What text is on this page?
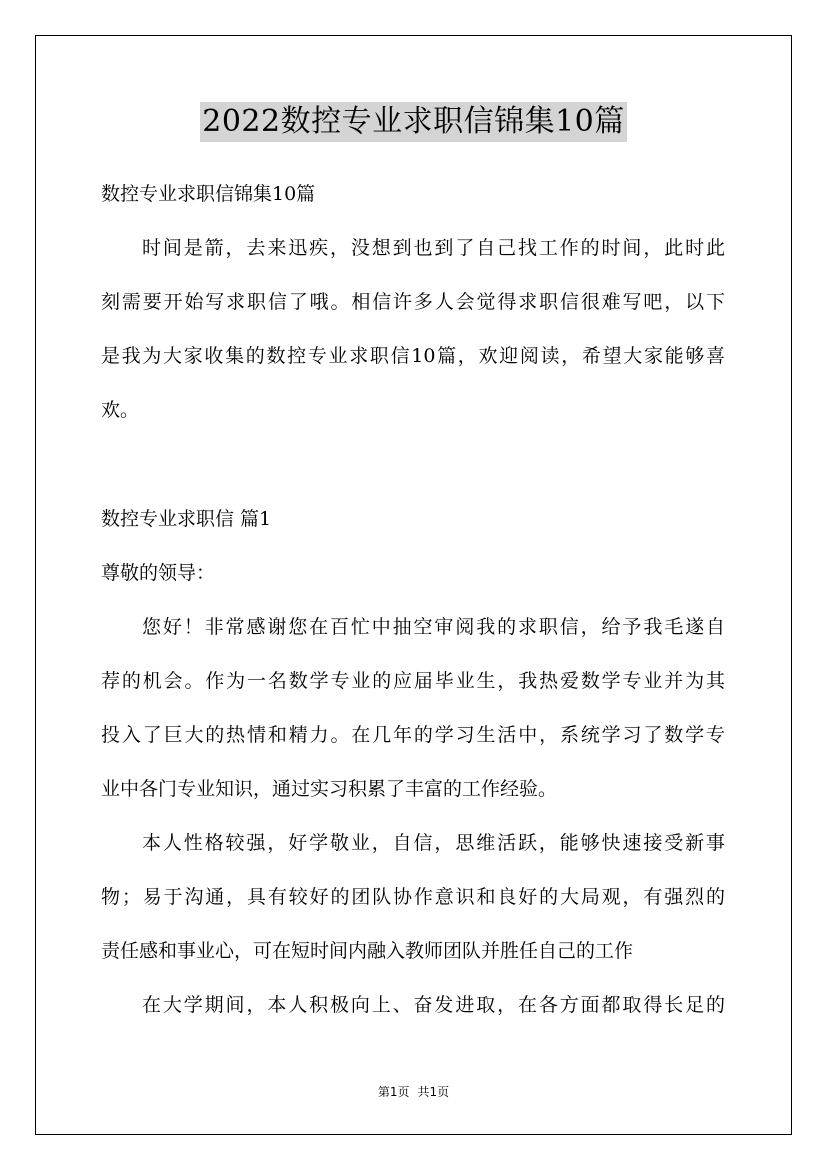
2022数控专业求职信锦集10篇
数控专业求职信锦集10篇
时间是箭，去来迅疾，没想到也到了自己找工作的时间，此时此
刻需要开始写求职信了哦。相信许多人会觉得求职信很难写吧，以下
是我为大家收集的数控专业求职信10篇，欢迎阅读，希望大家能够喜
欢。
数控专业求职信 篇1
尊敬的领导：
您好！非常感谢您在百忙中抽空审阅我的求职信，给予我毛遂自
荐的机会。作为一名数学专业的应届毕业生，我热爱数学专业并为其
投入了巨大的热情和精力。在几年的学习生活中，系统学习了数学专
业中各门专业知识，通过实习积累了丰富的工作经验。
本人性格较强，好学敬业，自信，思维活跃，能够快速接受新事
物；易于沟通，具有较好的团队协作意识和良好的大局观，有强烈的
责任感和事业心，可在短时间内融入教师团队并胜任自己的工作
在大学期间，本人积极向上、奋发进取，在各方面都取得长足的
第1页 共1页
